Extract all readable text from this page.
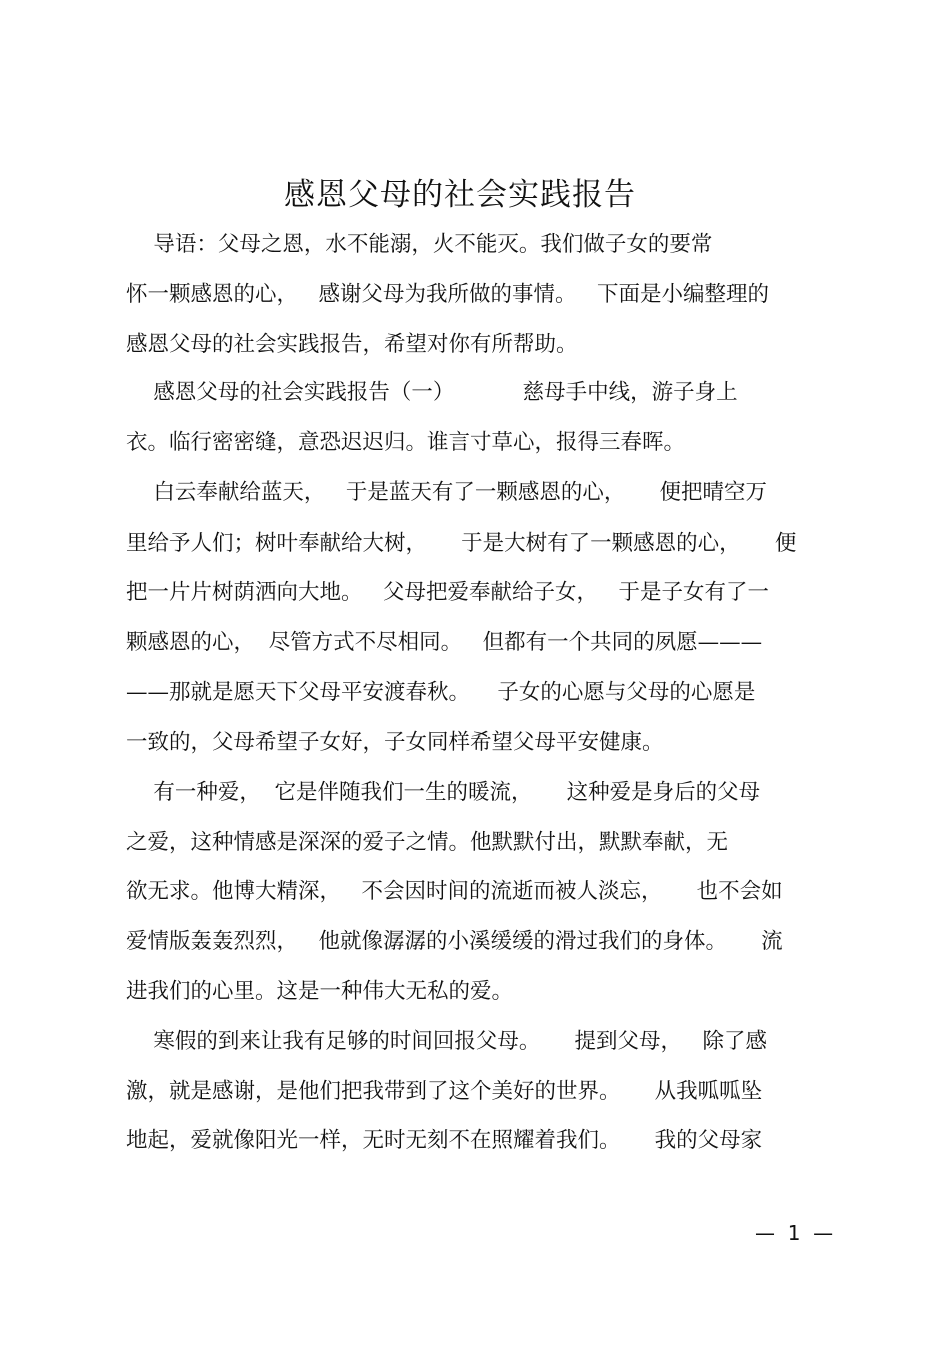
感恩父母的社会实践报告
导语：父母之恩，水不能溺，火不能灭。我们做子女的要常
怀一颗感恩的心，   感谢父母为我所做的事情。   下面是小编整理的
感恩父母的社会实践报告，希望对你有所帮助。
感恩父母的社会实践报告（一）          慈母手中线，游子身上
衣。临行密密缝，意恐迟迟归。谁言寸草心，报得三春晖。
白云奉献给蓝天，   于是蓝天有了一颗感恩的心，     便把晴空万
里给予人们；树叶奉献给大树，     于是大树有了一颗感恩的心，     便
把一片片树荫洒向大地。   父母把爱奉献给子女，   于是子女有了一
颗感恩的心，  尽管方式不尽相同。   但都有一个共同的夙愿———
——那就是愿天下父母平安渡春秋。    子女的心愿与父母的心愿是
一致的，父母希望子女好，子女同样希望父母平安健康。
有一种爱，  它是伴随我们一生的暖流，     这种爱是身后的父母
之爱，这种情感是深深的爱子之情。他默默付出，默默奉献，无
欲无求。他博大精深，   不会因时间的流逝而被人淡忘，     也不会如
爱情版轰轰烈烈，   他就像潺潺的小溪缓缓的滑过我们的身体。     流
进我们的心里。这是一种伟大无私的爱。
寒假的到来让我有足够的时间回报父母。     提到父母，   除了感
激，就是感谢，是他们把我带到了这个美好的世界。     从我呱呱坠
地起，爱就像阳光一样，无时无刻不在照耀着我们。     我的父母家
—  1  —
